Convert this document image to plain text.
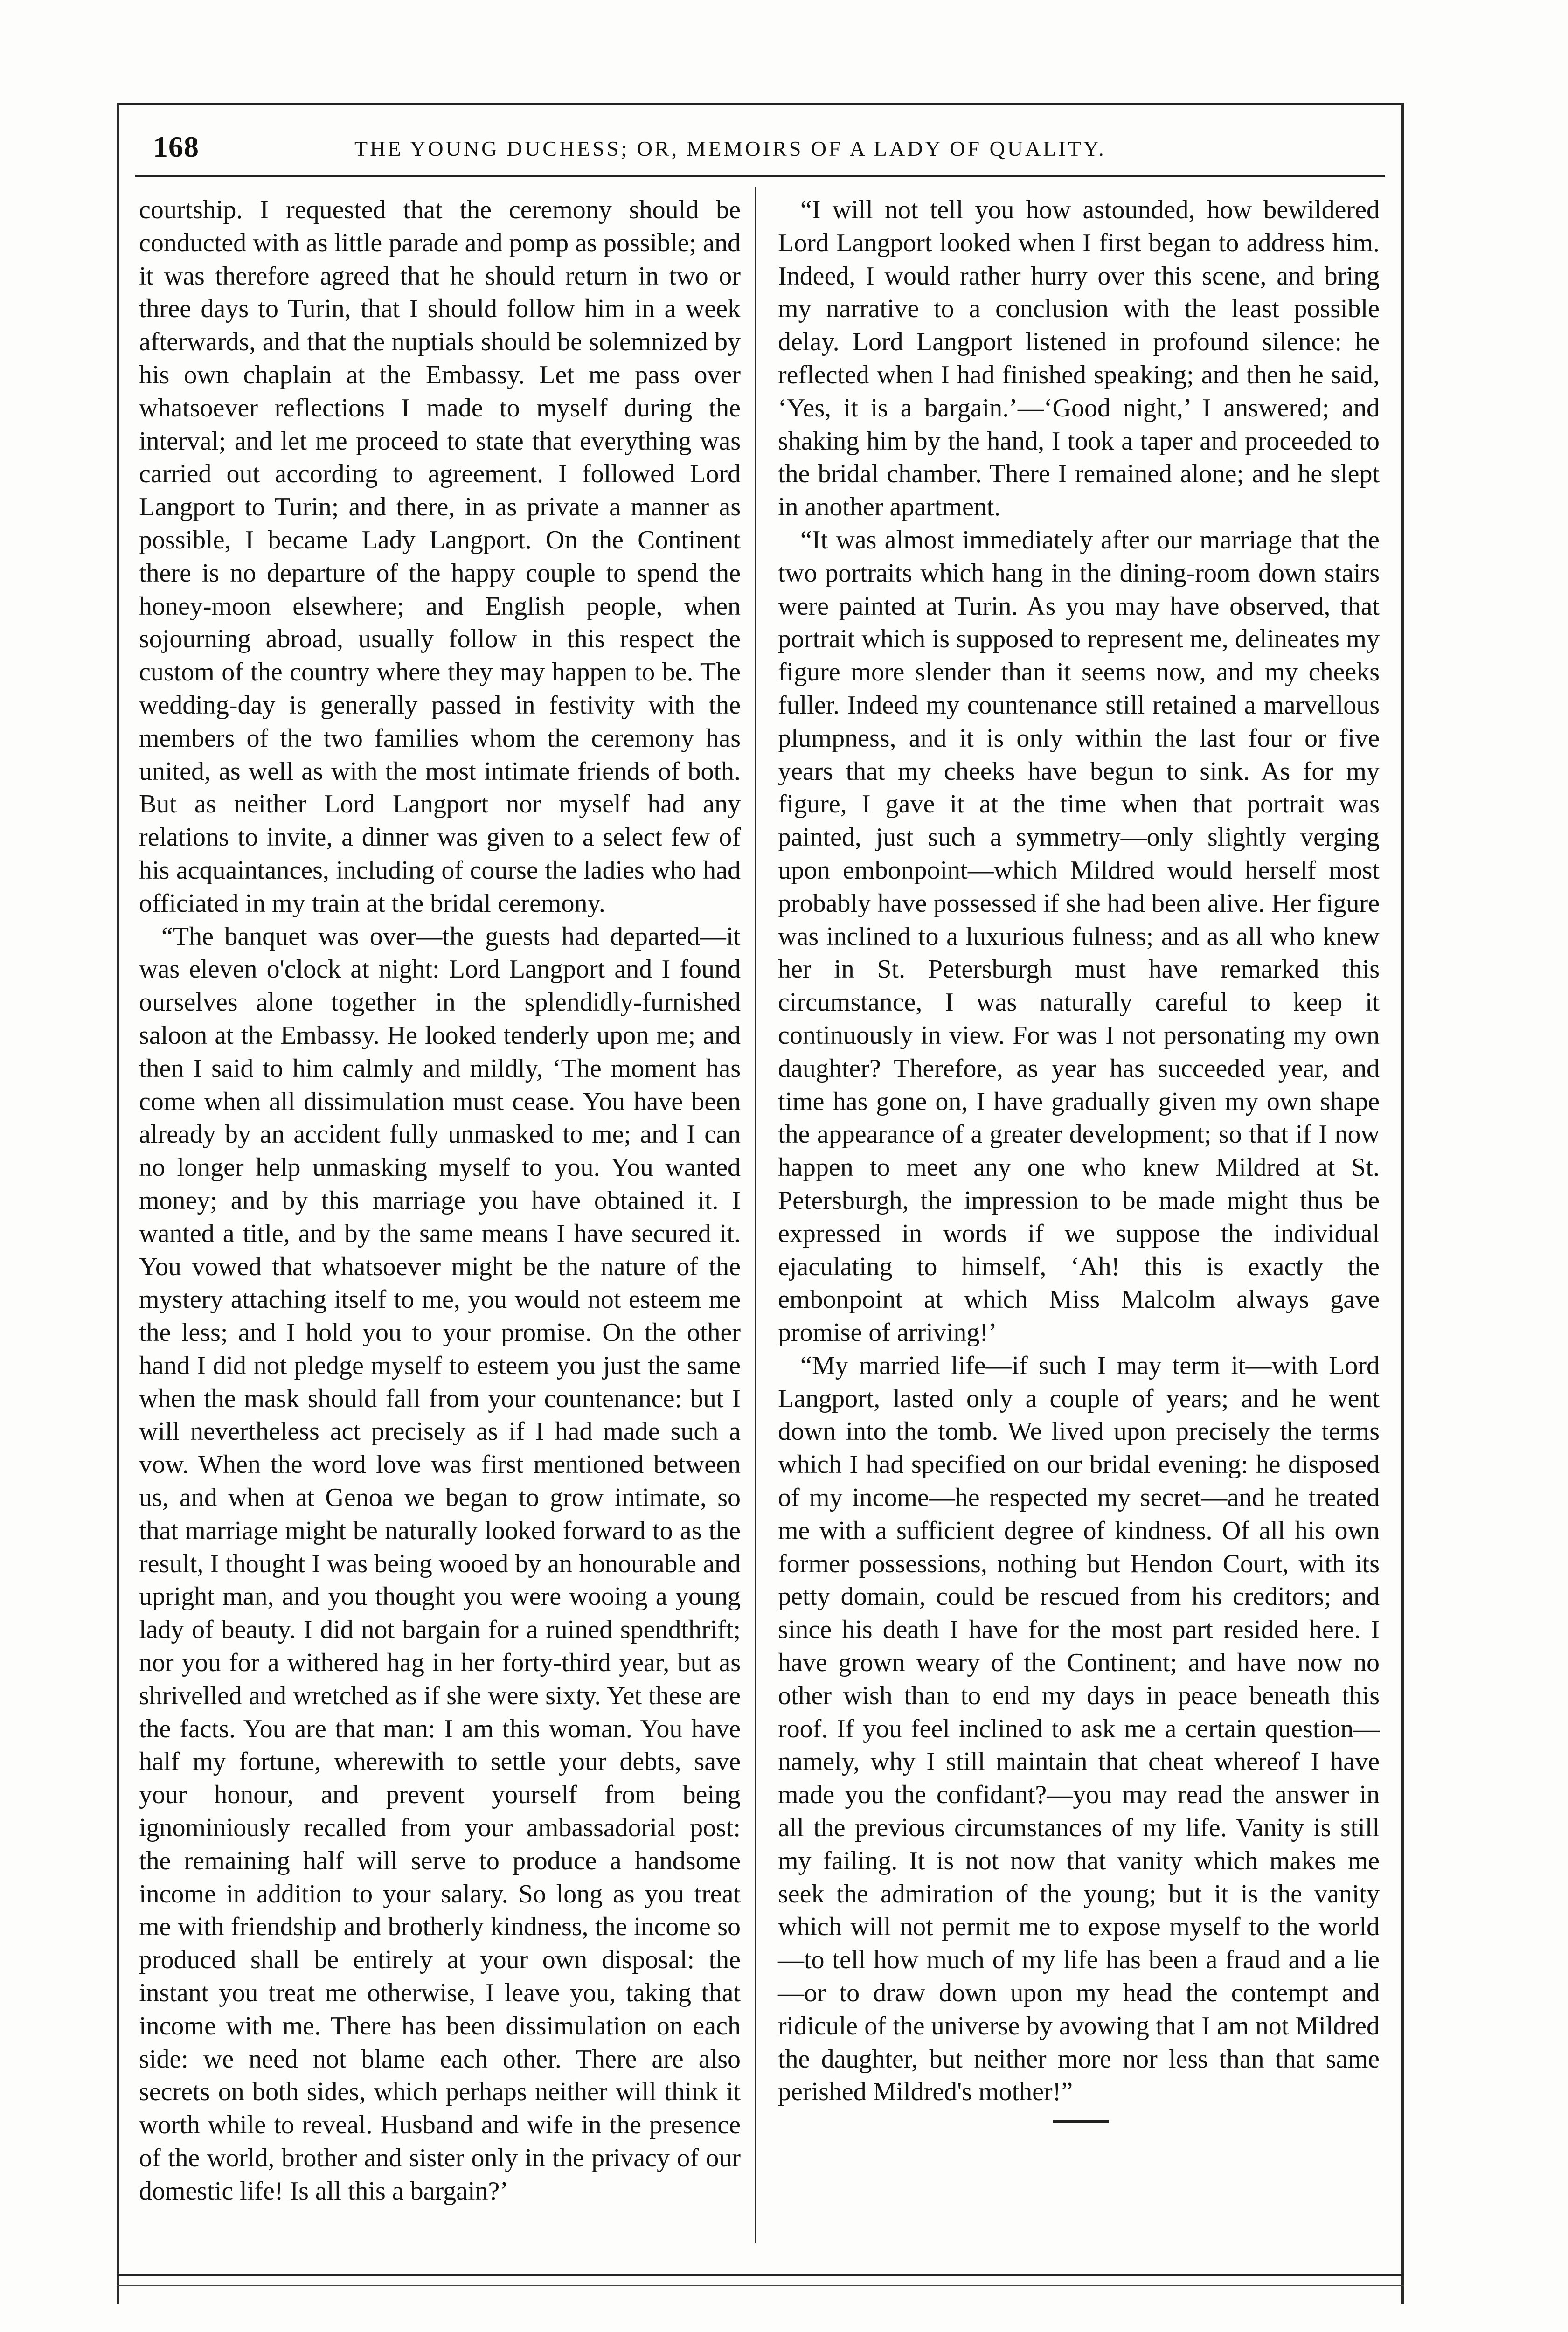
168	THE YOUNG DUCHESS; OR, MEMOIRS OF A LADY OF QUALITY.

courtship. I requested that the ceremony should be conducted with as little parade and pomp as possible; and it was therefore agreed that he should return in two or three days to Turin, that I should follow him in a week afterwards, and that the nuptials should be solemnized by his own chaplain at the Embassy. Let me pass over whatsoever reflections I made to myself during the interval; and let me proceed to state that everything was carried out according to agreement. I followed Lord Langport to Turin; and there, in as private a manner as possible, I became Lady Langport. On the Continent there is no departure of the happy couple to spend the honey-moon elsewhere; and English people, when sojourning abroad, usually follow in this respect the custom of the country where they may happen to be. The wedding-day is generally passed in festivity with the members of the two families whom the ceremony has united, as well as with the most intimate friends of both. But as neither Lord Langport nor myself had any relations to invite, a dinner was given to a select few of his acquaintances, including of course the ladies who had officiated in my train at the bridal ceremony.

“The banquet was over—the guests had departed—it was eleven o'clock at night: Lord Langport and I found ourselves alone together in the splendidly-furnished saloon at the Embassy. He looked tenderly upon me; and then I said to him calmly and mildly, ‘The moment has come when all dissimulation must cease. You have been already by an accident fully unmasked to me; and I can no longer help unmasking myself to you. You wanted money; and by this marriage you have obtained it. I wanted a title, and by the same means I have secured it. You vowed that whatsoever might be the nature of the mystery attaching itself to me, you would not esteem me the less; and I hold you to your promise. On the other hand I did not pledge myself to esteem you just the same when the mask should fall from your countenance: but I will nevertheless act precisely as if I had made such a vow. When the word love was first mentioned between us, and when at Genoa we began to grow intimate, so that marriage might be naturally looked forward to as the result, I thought I was being wooed by an honourable and upright man, and you thought you were wooing a young lady of beauty. I did not bargain for a ruined spendthrift; nor you for a withered hag in her forty-third year, but as shrivelled and wretched as if she were sixty. Yet these are the facts. You are that man: I am this woman. You have half my fortune, wherewith to settle your debts, save your honour, and prevent yourself from being ignominiously recalled from your ambassadorial post: the remaining half will serve to produce a handsome income in addition to your salary. So long as you treat me with friendship and brotherly kindness, the income so produced shall be entirely at your own disposal: the instant you treat me otherwise, I leave you, taking that income with me. There has been dissimulation on each side: we need not blame each other. There are also secrets on both sides, which perhaps neither will think it worth while to reveal. Husband and wife in the presence of the world, brother and sister only in the privacy of our domestic life! Is all this a bargain?’

“I will not tell you how astounded, how bewildered Lord Langport looked when I first began to address him. Indeed, I would rather hurry over this scene, and bring my narrative to a conclusion with the least possible delay. Lord Langport listened in profound silence: he reflected when I had finished speaking; and then he said, ‘Yes, it is a bargain.’—‘Good night,’ I answered; and shaking him by the hand, I took a taper and proceeded to the bridal chamber. There I remained alone; and he slept in another apartment.

“It was almost immediately after our marriage that the two portraits which hang in the dining-room down stairs were painted at Turin. As you may have observed, that portrait which is supposed to represent me, delineates my figure more slender than it seems now, and my cheeks fuller. Indeed my countenance still retained a marvellous plumpness, and it is only within the last four or five years that my cheeks have begun to sink. As for my figure, I gave it at the time when that portrait was painted, just such a symmetry—only slightly verging upon embonpoint—which Mildred would herself most probably have possessed if she had been alive. Her figure was inclined to a luxurious fulness; and as all who knew her in St. Petersburgh must have remarked this circumstance, I was naturally careful to keep it continuously in view. For was I not personating my own daughter? Therefore, as year has succeeded year, and time has gone on, I have gradually given my own shape the appearance of a greater development; so that if I now happen to meet any one who knew Mildred at St. Petersburgh, the impression to be made might thus be expressed in words if we suppose the individual ejaculating to himself, ‘Ah! this is exactly the embonpoint at which Miss Malcolm always gave promise of arriving!’

“My married life—if such I may term it—with Lord Langport, lasted only a couple of years; and he went down into the tomb. We lived upon precisely the terms which I had specified on our bridal evening: he disposed of my income—he respected my secret—and he treated me with a sufficient degree of kindness. Of all his own former possessions, nothing but Hendon Court, with its petty domain, could be rescued from his creditors; and since his death I have for the most part resided here. I have grown weary of the Continent; and have now no other wish than to end my days in peace beneath this roof. If you feel inclined to ask me a certain question—namely, why I still maintain that cheat whereof I have made you the confidant?—you may read the answer in all the previous circumstances of my life. Vanity is still my failing. It is not now that vanity which makes me seek the admiration of the young; but it is the vanity which will not permit me to expose myself to the world—to tell how much of my life has been a fraud and a lie—or to draw down upon my head the contempt and ridicule of the universe by avowing that I am not Mildred the daughter, but neither more nor less than that same perished Mildred's mother!”
